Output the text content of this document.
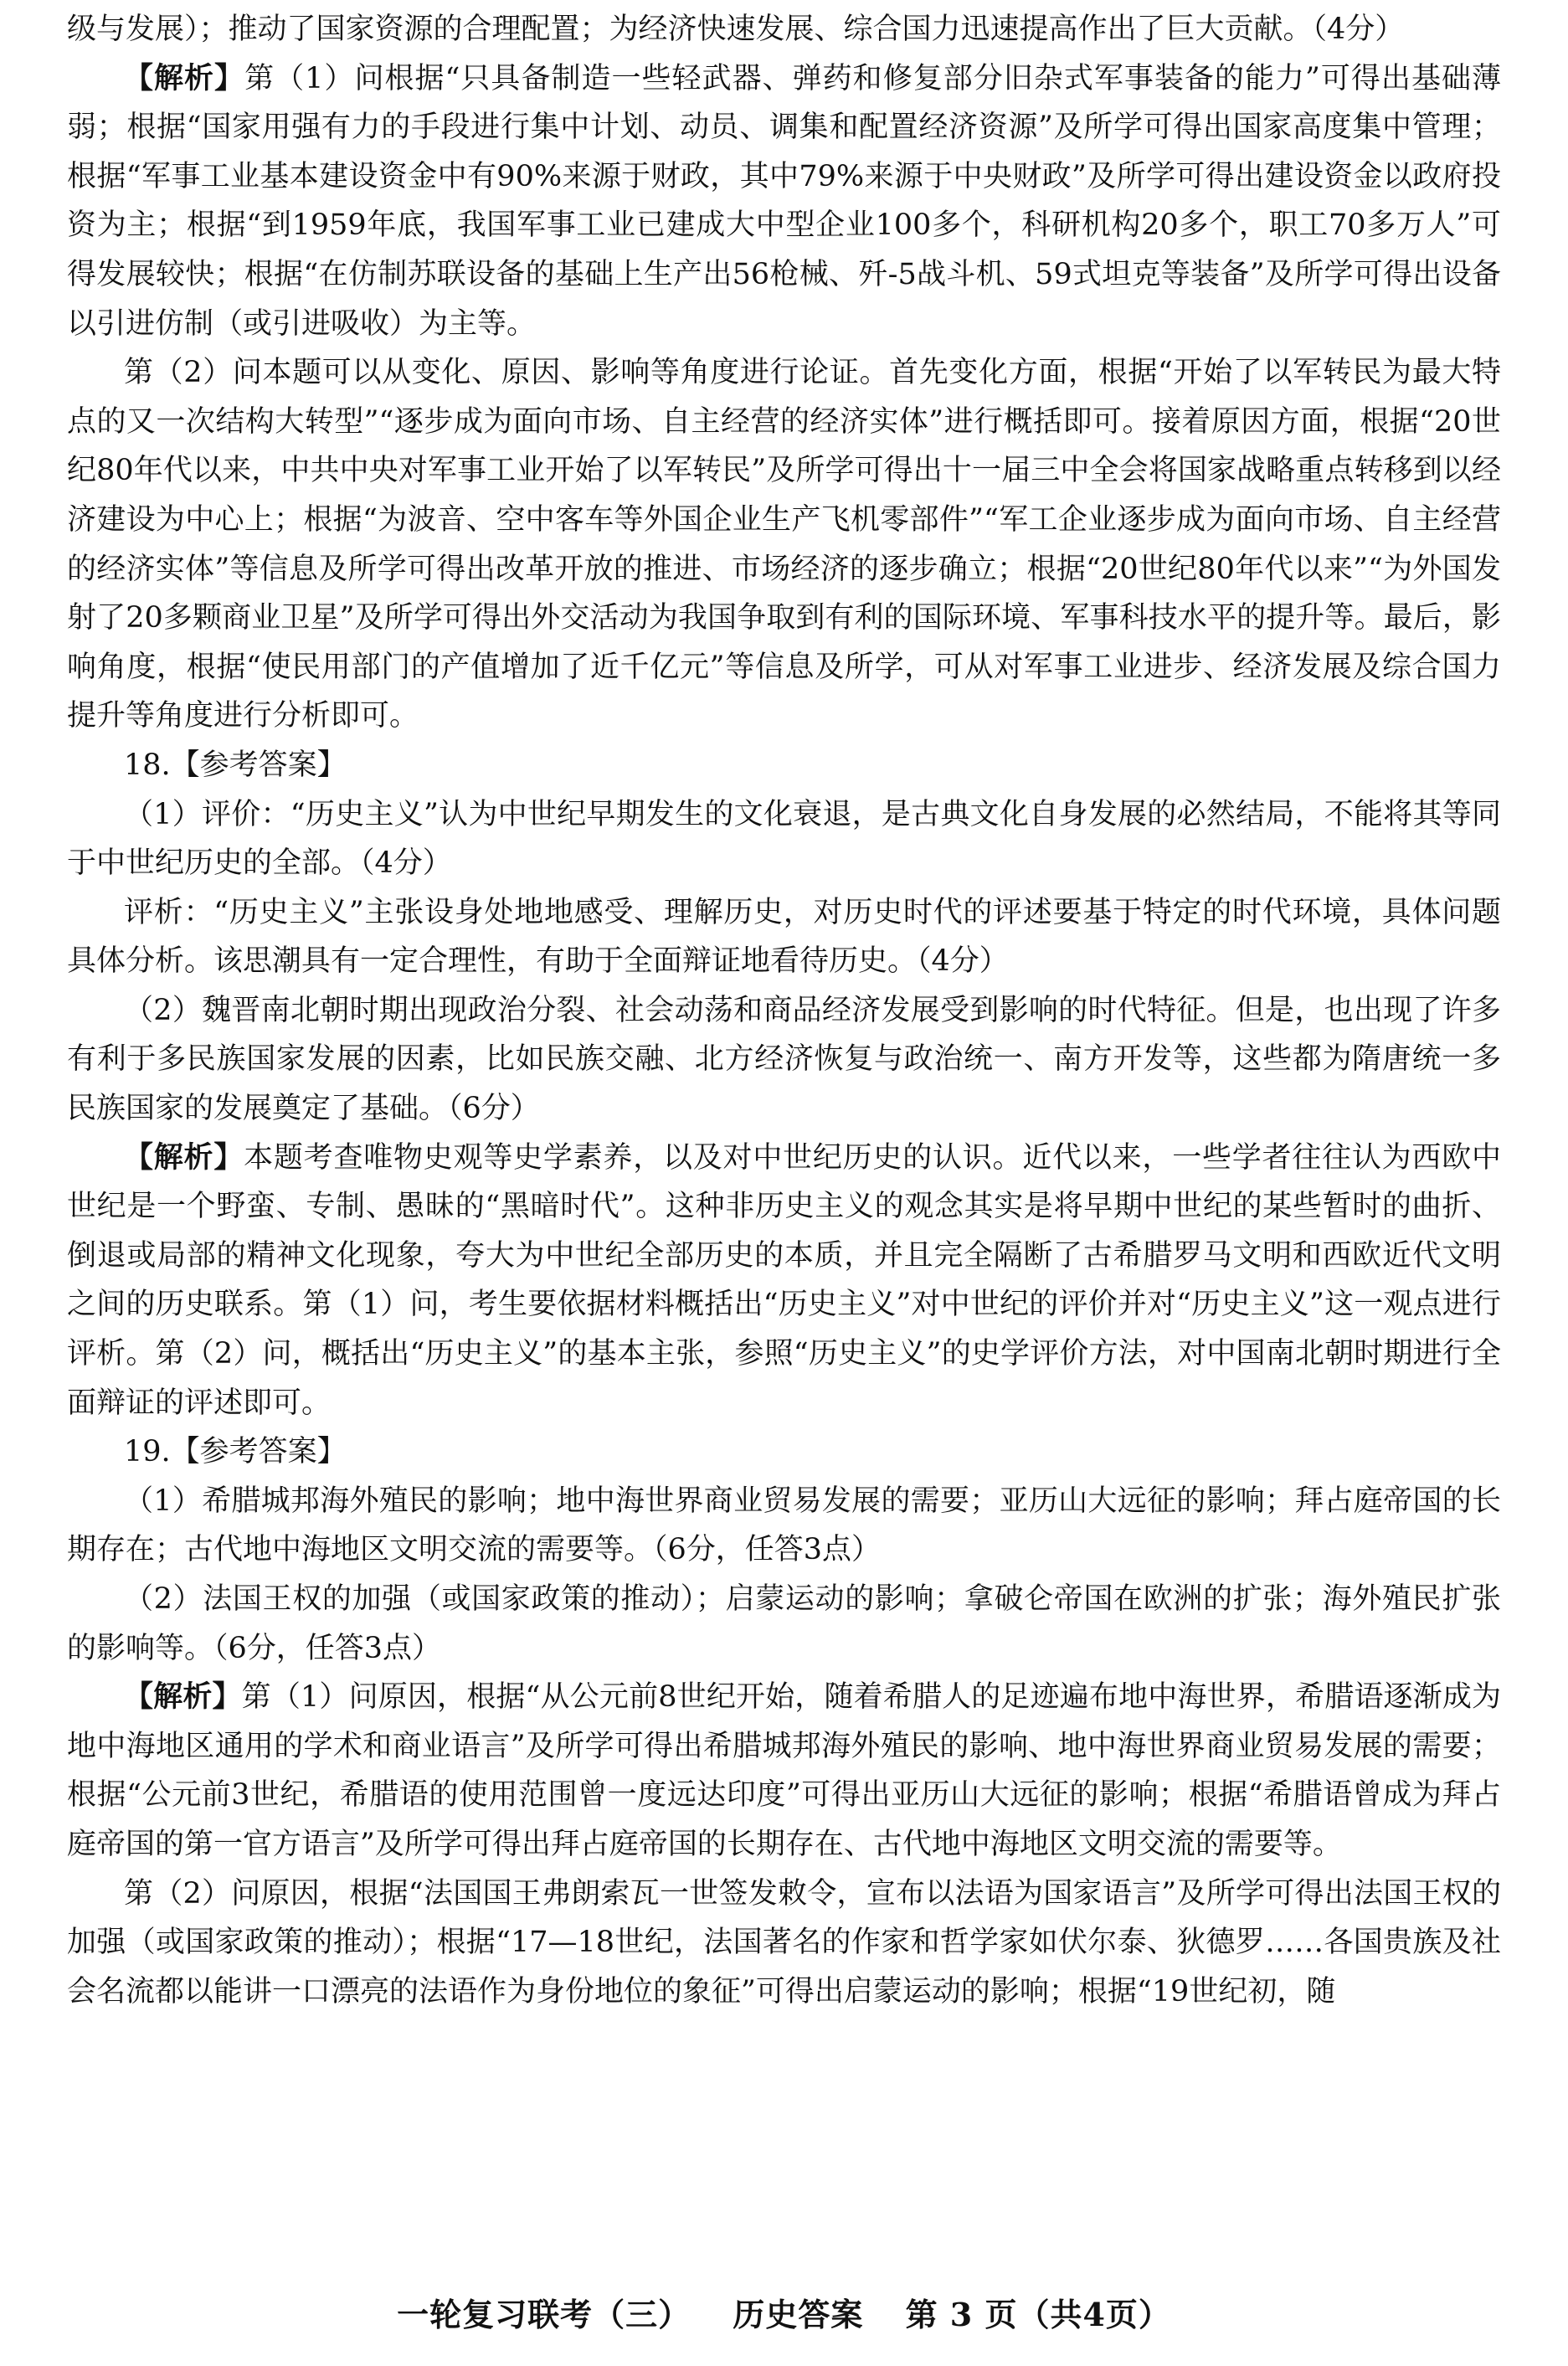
级与发展）；推动了国家资源的合理配置；为经济快速发展、综合国力迅速提高作出了巨大贡献。（4分）

【解析】第（1）问根据“只具备制造一些轻武器、弹药和修复部分旧杂式军事装备的能力”可得出基础薄弱；根据“国家用强有力的手段进行集中计划、动员、调集和配置经济资源”及所学可得出国家高度集中管理；根据“军事工业基本建设资金中有90%来源于财政，其中79%来源于中央财政”及所学可得出建设资金以政府投资为主；根据“到1959年底，我国军事工业已建成大中型企业100多个，科研机构20多个，职工70多万人”可得发展较快；根据“在仿制苏联设备的基础上生产出56枪械、歼-5战斗机、59式坦克等装备”及所学可得出设备以引进仿制（或引进吸收）为主等。

第（2）问本题可以从变化、原因、影响等角度进行论证。首先变化方面，根据“开始了以军转民为最大特点的又一次结构大转型”“逐步成为面向市场、自主经营的经济实体”进行概括即可。接着原因方面，根据“20世纪80年代以来，中共中央对军事工业开始了以军转民”及所学可得出十一届三中全会将国家战略重点转移到以经济建设为中心上；根据“为波音、空中客车等外国企业生产飞机零部件”“军工企业逐步成为面向市场、自主经营的经济实体”等信息及所学可得出改革开放的推进、市场经济的逐步确立；根据“20世纪80年代以来”“为外国发射了20多颗商业卫星”及所学可得出外交活动为我国争取到有利的国际环境、军事科技水平的提升等。最后，影响角度，根据“使民用部门的产值增加了近千亿元”等信息及所学，可从对军事工业进步、经济发展及综合国力提升等角度进行分析即可。

18.【参考答案】

（1）评价：“历史主义”认为中世纪早期发生的文化衰退，是古典文化自身发展的必然结局，不能将其等同于中世纪历史的全部。（4分）

评析：“历史主义”主张设身处地地感受、理解历史，对历史时代的评述要基于特定的时代环境，具体问题具体分析。该思潮具有一定合理性，有助于全面辩证地看待历史。（4分）

（2）魏晋南北朝时期出现政治分裂、社会动荡和商品经济发展受到影响的时代特征。但是，也出现了许多有利于多民族国家发展的因素，比如民族交融、北方经济恢复与政治统一、南方开发等，这些都为隋唐统一多民族国家的发展奠定了基础。（6分）

【解析】本题考查唯物史观等史学素养，以及对中世纪历史的认识。近代以来，一些学者往往认为西欧中世纪是一个野蛮、专制、愚昧的“黑暗时代”。这种非历史主义的观念其实是将早期中世纪的某些暂时的曲折、倒退或局部的精神文化现象，夸大为中世纪全部历史的本质，并且完全隔断了古希腊罗马文明和西欧近代文明之间的历史联系。第（1）问，考生要依据材料概括出“历史主义”对中世纪的评价并对“历史主义”这一观点进行评析。第（2）问，概括出“历史主义”的基本主张，参照“历史主义”的史学评价方法，对中国南北朝时期进行全面辩证的评述即可。

19.【参考答案】

（1）希腊城邦海外殖民的影响；地中海世界商业贸易发展的需要；亚历山大远征的影响；拜占庭帝国的长期存在；古代地中海地区文明交流的需要等。（6分，任答3点）

（2）法国王权的加强（或国家政策的推动）；启蒙运动的影响；拿破仑帝国在欧洲的扩张；海外殖民扩张的影响等。（6分，任答3点）

【解析】第（1）问原因，根据“从公元前8世纪开始，随着希腊人的足迹遍布地中海世界，希腊语逐渐成为地中海地区通用的学术和商业语言”及所学可得出希腊城邦海外殖民的影响、地中海世界商业贸易发展的需要；根据“公元前3世纪，希腊语的使用范围曾一度远达印度”可得出亚历山大远征的影响；根据“希腊语曾成为拜占庭帝国的第一官方语言”及所学可得出拜占庭帝国的长期存在、古代地中海地区文明交流的需要等。

第（2）问原因，根据“法国国王弗朗索瓦一世签发敕令，宣布以法语为国家语言”及所学可得出法国王权的加强（或国家政策的推动）；根据“17—18世纪，法国著名的作家和哲学家如伏尔泰、狄德罗……各国贵族及社会名流都以能讲一口漂亮的法语作为身份地位的象征”可得出启蒙运动的影响；根据“19世纪初，随

一轮复习联考（三） 历史答案 第 3 页（共4页）
